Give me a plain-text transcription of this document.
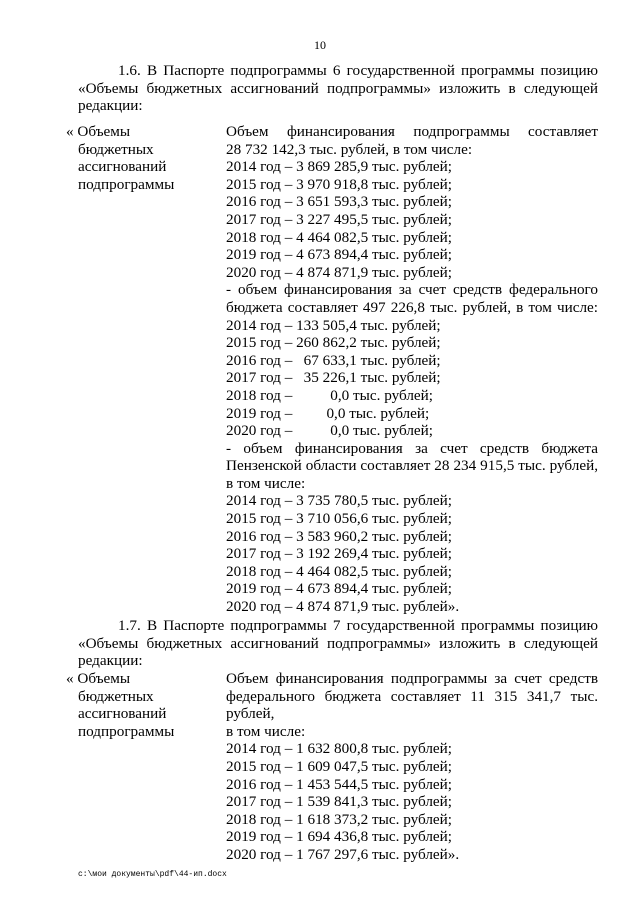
10
1.6. В Паспорте подпрограммы 6 государственной программы позицию
«Объемы бюджетных ассигнований подпрограммы» изложить в следующей
редакции:
« Объемы
бюджетных
ассигнований
подпрограммы
Объем финансирования подпрограммы составляет
28 732 142,3 тыс. рублей, в том числе:
2014 год – 3 869 285,9 тыс. рублей;
2015 год – 3 970 918,8 тыс. рублей;
2016 год – 3 651 593,3 тыс. рублей;
2017 год – 3 227 495,5 тыс. рублей;
2018 год – 4 464 082,5 тыс. рублей;
2019 год – 4 673 894,4 тыс. рублей;
2020 год – 4 874 871,9 тыс. рублей;
- объем финансирования за счет средств федерального
бюджета составляет 497 226,8 тыс. рублей, в том числе:
2014 год – 133 505,4 тыс. рублей;
2015 год – 260 862,2 тыс. рублей;
2016 год –   67 633,1 тыс. рублей;
2017 год –   35 226,1 тыс. рублей;
2018 год –          0,0 тыс. рублей;
2019 год –         0,0 тыс. рублей;
2020 год –          0,0 тыс. рублей;
- объем финансирования за счет средств бюджета
Пензенской области составляет 28 234 915,5 тыс. рублей,
в том числе:
2014 год – 3 735 780,5 тыс. рублей;
2015 год – 3 710 056,6 тыс. рублей;
2016 год – 3 583 960,2 тыс. рублей;
2017 год – 3 192 269,4 тыс. рублей;
2018 год – 4 464 082,5 тыс. рублей;
2019 год – 4 673 894,4 тыс. рублей;
2020 год – 4 874 871,9 тыс. рублей».
1.7. В Паспорте подпрограммы 7 государственной программы позицию
«Объемы бюджетных ассигнований подпрограммы» изложить в следующей
редакции:
« Объемы
бюджетных
ассигнований
подпрограммы
Объем финансирования подпрограммы за счет средств
федерального бюджета составляет 11 315 341,7 тыс. рублей,
в том числе:
2014 год – 1 632 800,8 тыс. рублей;
2015 год – 1 609 047,5 тыс. рублей;
2016 год – 1 453 544,5 тыс. рублей;
2017 год – 1 539 841,3 тыс. рублей;
2018 год – 1 618 373,2 тыс. рублей;
2019 год – 1 694 436,8 тыс. рублей;
2020 год – 1 767 297,6 тыс. рублей».
c:\мои документы\pdf\44-ип.docx
